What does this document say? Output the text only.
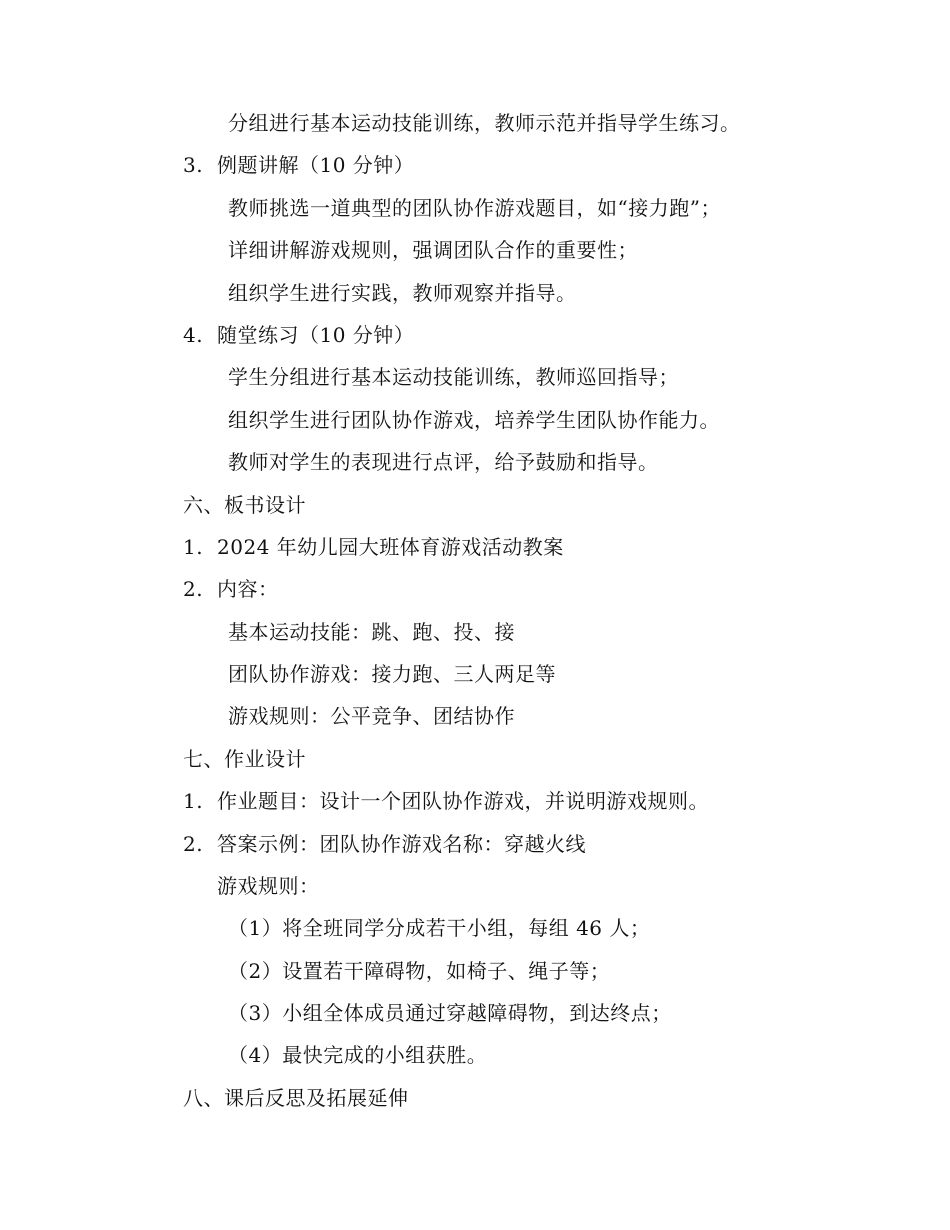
分组进行基本运动技能训练，教师示范并指导学生练习。
3. 例题讲解（10 分钟）
教师挑选一道典型的团队协作游戏题目，如“接力跑”；
详细讲解游戏规则，强调团队合作的重要性；
组织学生进行实践，教师观察并指导。
4. 随堂练习（10 分钟）
学生分组进行基本运动技能训练，教师巡回指导；
组织学生进行团队协作游戏，培养学生团队协作能力。
教师对学生的表现进行点评，给予鼓励和指导。
六、板书设计
1. 2024 年幼儿园大班体育游戏活动教案
2. 内容：
基本运动技能：跳、跑、投、接
团队协作游戏：接力跑、三人两足等
游戏规则：公平竞争、团结协作
七、作业设计
1. 作业题目：设计一个团队协作游戏，并说明游戏规则。
2. 答案示例：团队协作游戏名称：穿越火线
游戏规则：
（1）将全班同学分成若干小组，每组 46 人；
（2）设置若干障碍物，如椅子、绳子等；
（3）小组全体成员通过穿越障碍物，到达终点；
（4）最快完成的小组获胜。
八、课后反思及拓展延伸
